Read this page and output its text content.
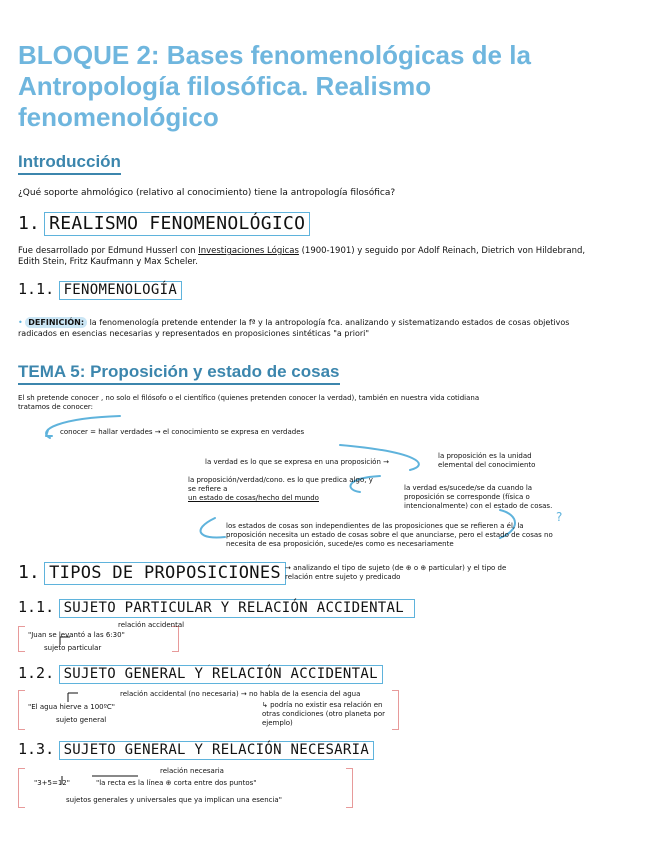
BLOQUE 2: Bases fenomenológicas de la Antropología filosófica. Realismo fenomenológico
Introducción
¿Qué soporte ahmológico (relativo al conocimiento) tiene la antropología filosófica?
1. REALISMO FENOMENOLÓGICO
Fue desarrollado por Edmund Husserl con Investigaciones Lógicas (1900-1901) y seguido por Adolf Reinach, Dietrich von Hildebrand,
Edith Stein, Fritz Kaufmann y Max Scheler.
1.1. FENOMENOLOGÍA
• DEFINICIÓN: la fenomenología pretende entender la fª y la antropología fca. analizando y sistematizando estados de cosas objetivos
radicados en esencias necesarias y representados en proposiciones sintéticas "a priori"
TEMA 5: Proposición y estado de cosas
El sh pretende conocer , no solo el filósofo o el científico (quienes pretenden conocer la verdad), también en nuestra vida cotidiana
tratamos de conocer:
conocer = hallar verdades → el conocimiento se expresa en verdades
la verdad es lo que se expresa en una proposición →
la proposición es la unidad elemental del conocimiento
la proposición/verdad/cono. es lo que predica algo, y se refiere a
un estado de cosas/hecho del mundo
la verdad es/sucede/se da cuando la proposición se corresponde (física o intencionalmente) con el estado de cosas.
los estados de cosas son independientes de las proposiciones que se refieren a él, la proposición necesita un estado de cosas sobre el que anunciarse, pero el estado de cosas no necesita de esa proposición, sucede/es como es necesariamente
?
1. TIPOS DE PROPOSICIONES → analizando el tipo de sujeto (de ⊕ o ⊕ particular) y el tipo de relación entre sujeto y predicado
1.1. SUJETO PARTICULAR Y RELACIÓN ACCIDENTAL
relación accidental
"Juan se levantó a las 6:30"
sujeto particular
1.2. SUJETO GENERAL Y RELACIÓN ACCIDENTAL
relación accidental (no necesaria) → no habla de la esencia del agua
"El agua hierve a 100ºC"	↳ podría no existir esa relación en otras condiciones (otro planeta por ejemplo)
sujeto general
1.3. SUJETO GENERAL Y RELACIÓN NECESARIA
relación necesaria
"3+5=12"	"la recta es la línea ⊕ corta entre dos puntos"
sujetos generales y universales que ya implican una esencia"
